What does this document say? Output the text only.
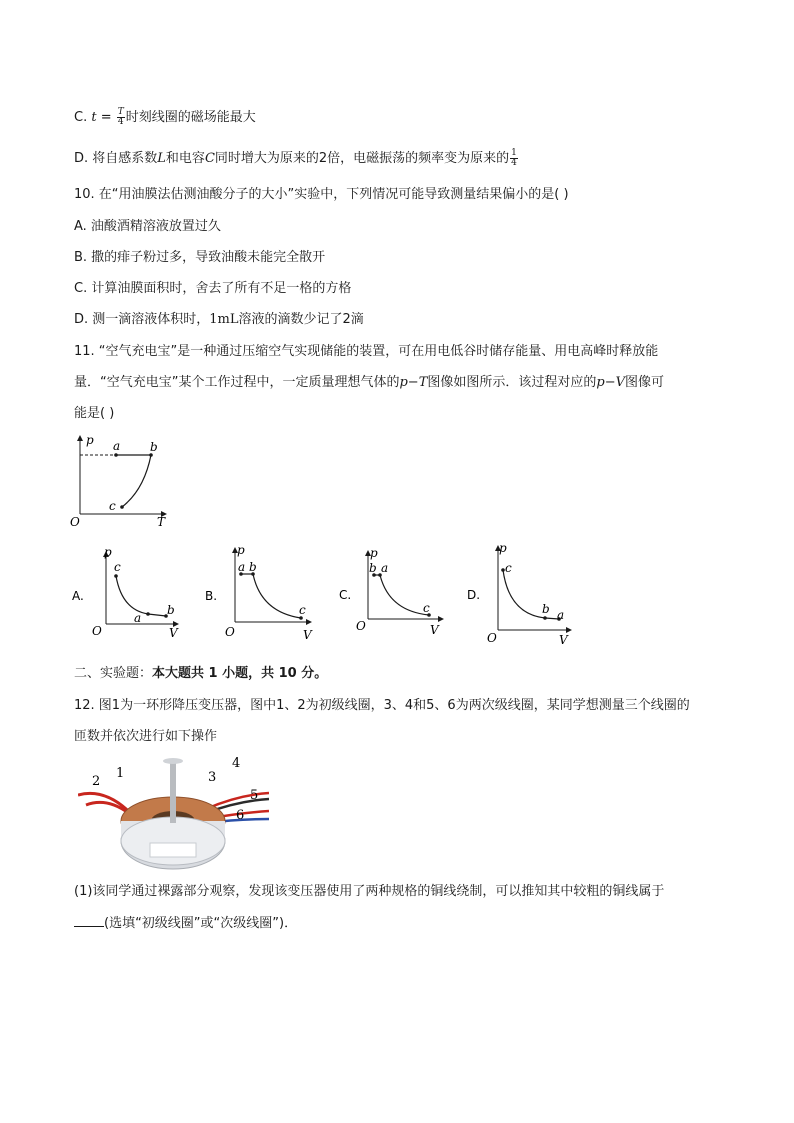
C. $t = \frac{T}{4}$ 时刻线圈的磁场能最大
D. 将自感系数L和电容C同时增大为原来的2倍，电磁振荡的频率变为原来的 $\frac{1}{4}$
10. 在“用油膜法估测油酸分子的大小”实验中，下列情况可能导致测量结果偏小的是( )
A. 油酸酒精溶液放置过久
B. 撒的痱子粉过多，导致油酸未能完全散开
C. 计算油膜面积时，舍去了所有不足一格的方格
D. 测一滴溶液体积时，1mL溶液的滴数少记了2滴
11. “空气充电宝”是一种通过压缩空气实现储能的装置，可在用电低谷时储存能量、用电高峰时释放能
量．“空气充电宝”某个工作过程中，一定质量理想气体的p−T图像如图所示．该过程对应的p−V图像可
能是( )
p
T
O
a b
c
A.
p
V
O
c
a
b
B.
p
V
O
a b
c
C.
p
V
O
b a
c
D.
p
V
O
c
b a
二、实验题：本大题共 1 小题，共 10 分。
12. 图1为一环形降压变压器，图中1、2为初级线圈，3、4和5、6为两次级线圈，某同学想测量三个线圈的
匝数并依次进行如下操作
1
2	3
4
5
6
(1)该同学通过裸露部分观察，发现该变压器使用了两种规格的铜线绕制，可以推知其中较粗的铜线属于
(选填“初级线圈”或“次级线圈”)．
